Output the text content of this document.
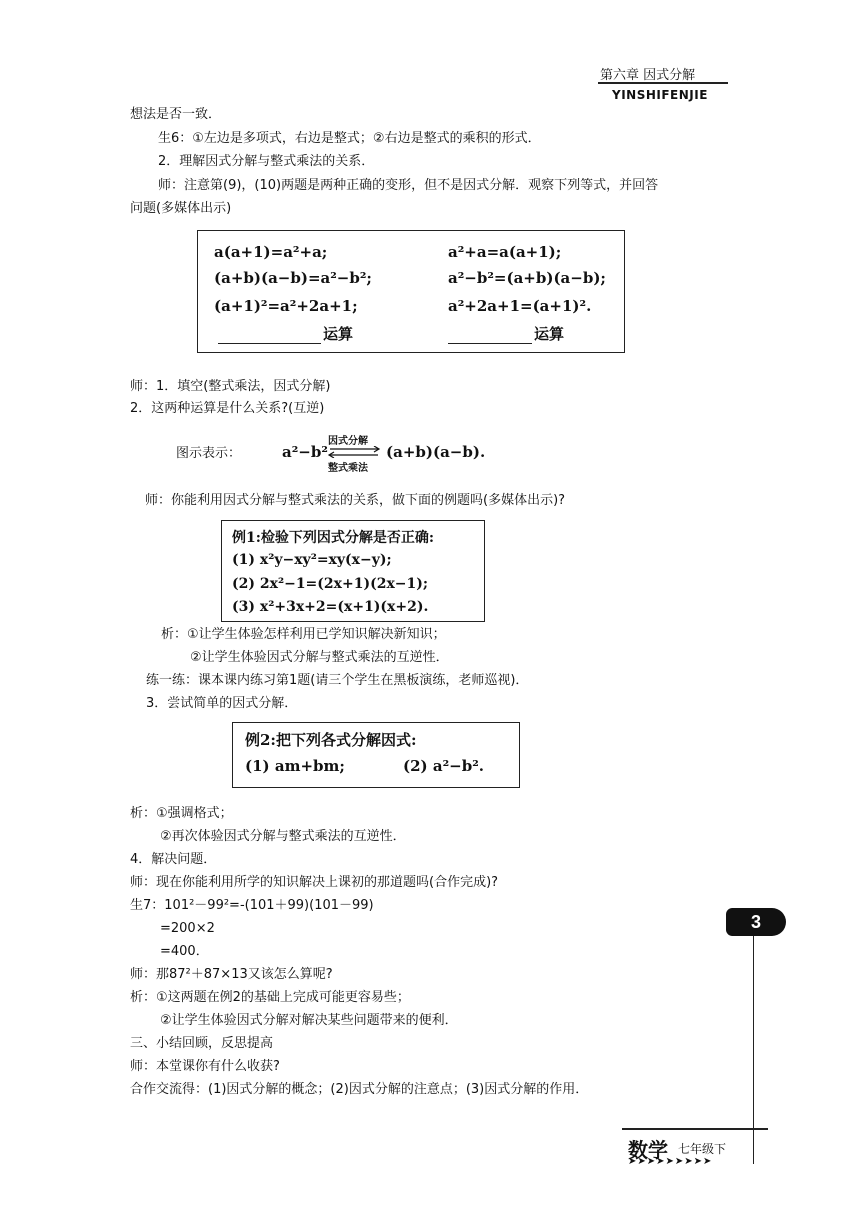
第六章 因式分解
YINSHIFENJIE
想法是否一致．
生6：①左边是多项式，右边是整式；②右边是整式的乘积的形式．
2．理解因式分解与整式乘法的关系．
师：注意第(9)，(10)两题是两种正确的变形，但不是因式分解．观察下列等式，并回答
问题(多媒体出示)
a(a+1)=a²+a;
(a+b)(a−b)=a²−b²;
(a+1)²=a²+2a+1;
运算
a²+a=a(a+1);
a²−b²=(a+b)(a−b);
a²+2a+1=(a+1)².
运算
师：1．填空(整式乘法，因式分解)
2．这两种运算是什么关系?(互逆)
图示表示：	a²−b²
因式分解
整式乘法
(a+b)(a−b).
师：你能利用因式分解与整式乘法的关系，做下面的例题吗(多媒体出示)?
例1:检验下列因式分解是否正确:
(1) x²y−xy²=xy(x−y);
(2) 2x²−1=(2x+1)(2x−1);
(3) x²+3x+2=(x+1)(x+2).
析：①让学生体验怎样利用已学知识解决新知识；
②让学生体验因式分解与整式乘法的互逆性．
练一练：课本课内练习第1题(请三个学生在黑板演练，老师巡视)．
3．尝试简单的因式分解．
例2:把下列各式分解因式:
(1) am+bm;	(2) a²−b².
析：①强调格式；
②再次体验因式分解与整式乘法的互逆性．
4．解决问题．
师：现在你能利用所学的知识解决上课初的那道题吗(合作完成)?
生7：101²－99²=-(101＋99)(101－99)
=200×2
=400．
师：那87²＋87×13又该怎么算呢?
析：①这两题在例2的基础上完成可能更容易些；
②让学生体验因式分解对解决某些问题带来的便利．
三、小结回顾，反思提高
师：本堂课你有什么收获?
合作交流得：(1)因式分解的概念；(2)因式分解的注意点；(3)因式分解的作用．
3
数学 七年级下
➤➤➤➤➤➤➤➤➤
